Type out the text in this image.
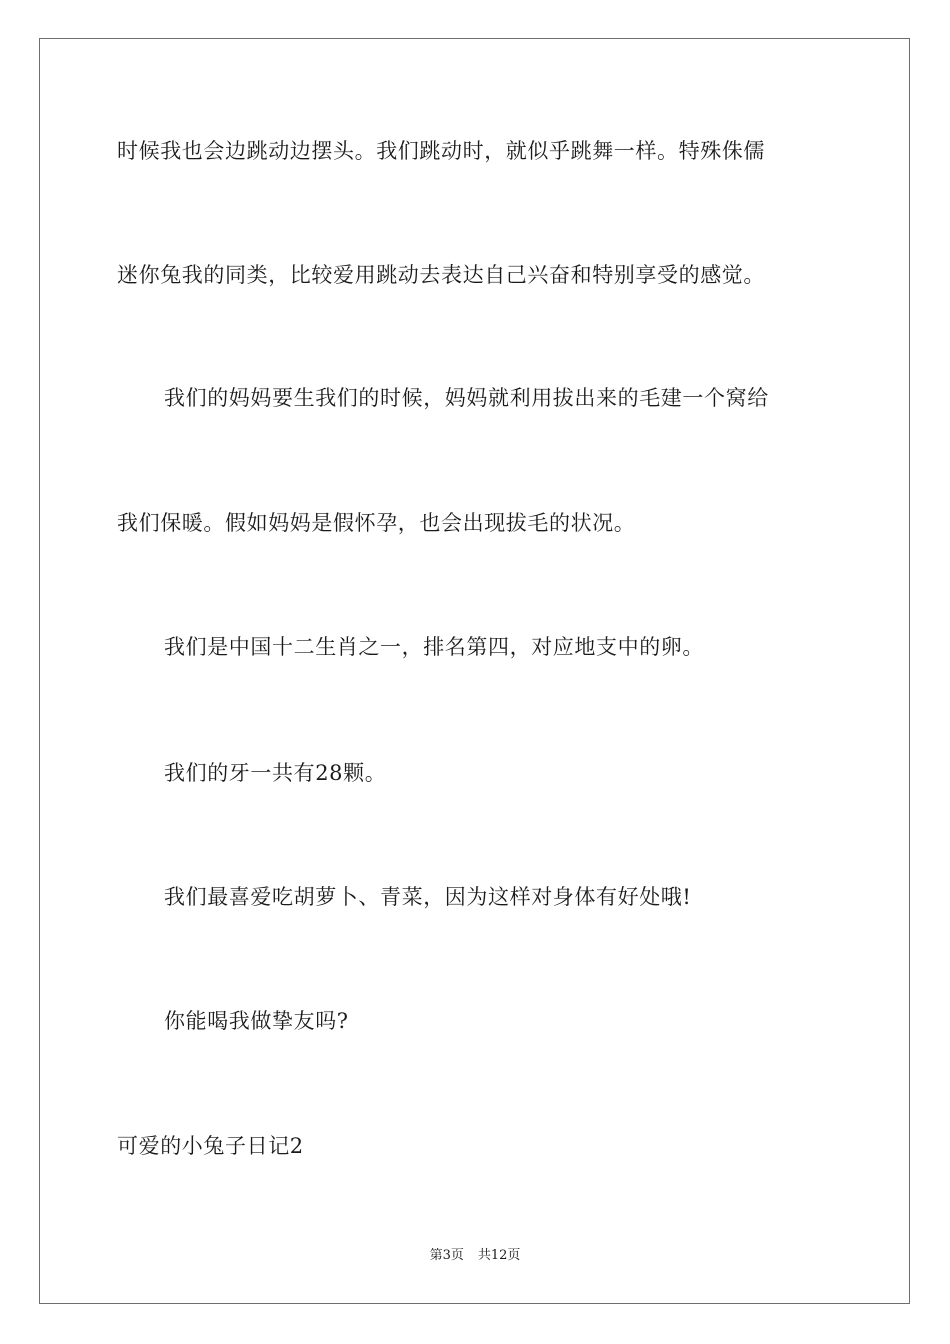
时候我也会边跳动边摆头。我们跳动时，就似乎跳舞一样。特殊侏儒
迷你兔我的同类，比较爱用跳动去表达自己兴奋和特别享受的感觉。
我们的妈妈要生我们的时候，妈妈就利用拔出来的毛建一个窝给
我们保暖。假如妈妈是假怀孕，也会出现拔毛的状况。
我们是中国十二生肖之一，排名第四，对应地支中的卵。
我们的牙一共有28颗。
我们最喜爱吃胡萝卜、青菜，因为这样对身体有好处哦!
你能喝我做挚友吗?
可爱的小兔子日记2
第3页 共12页
